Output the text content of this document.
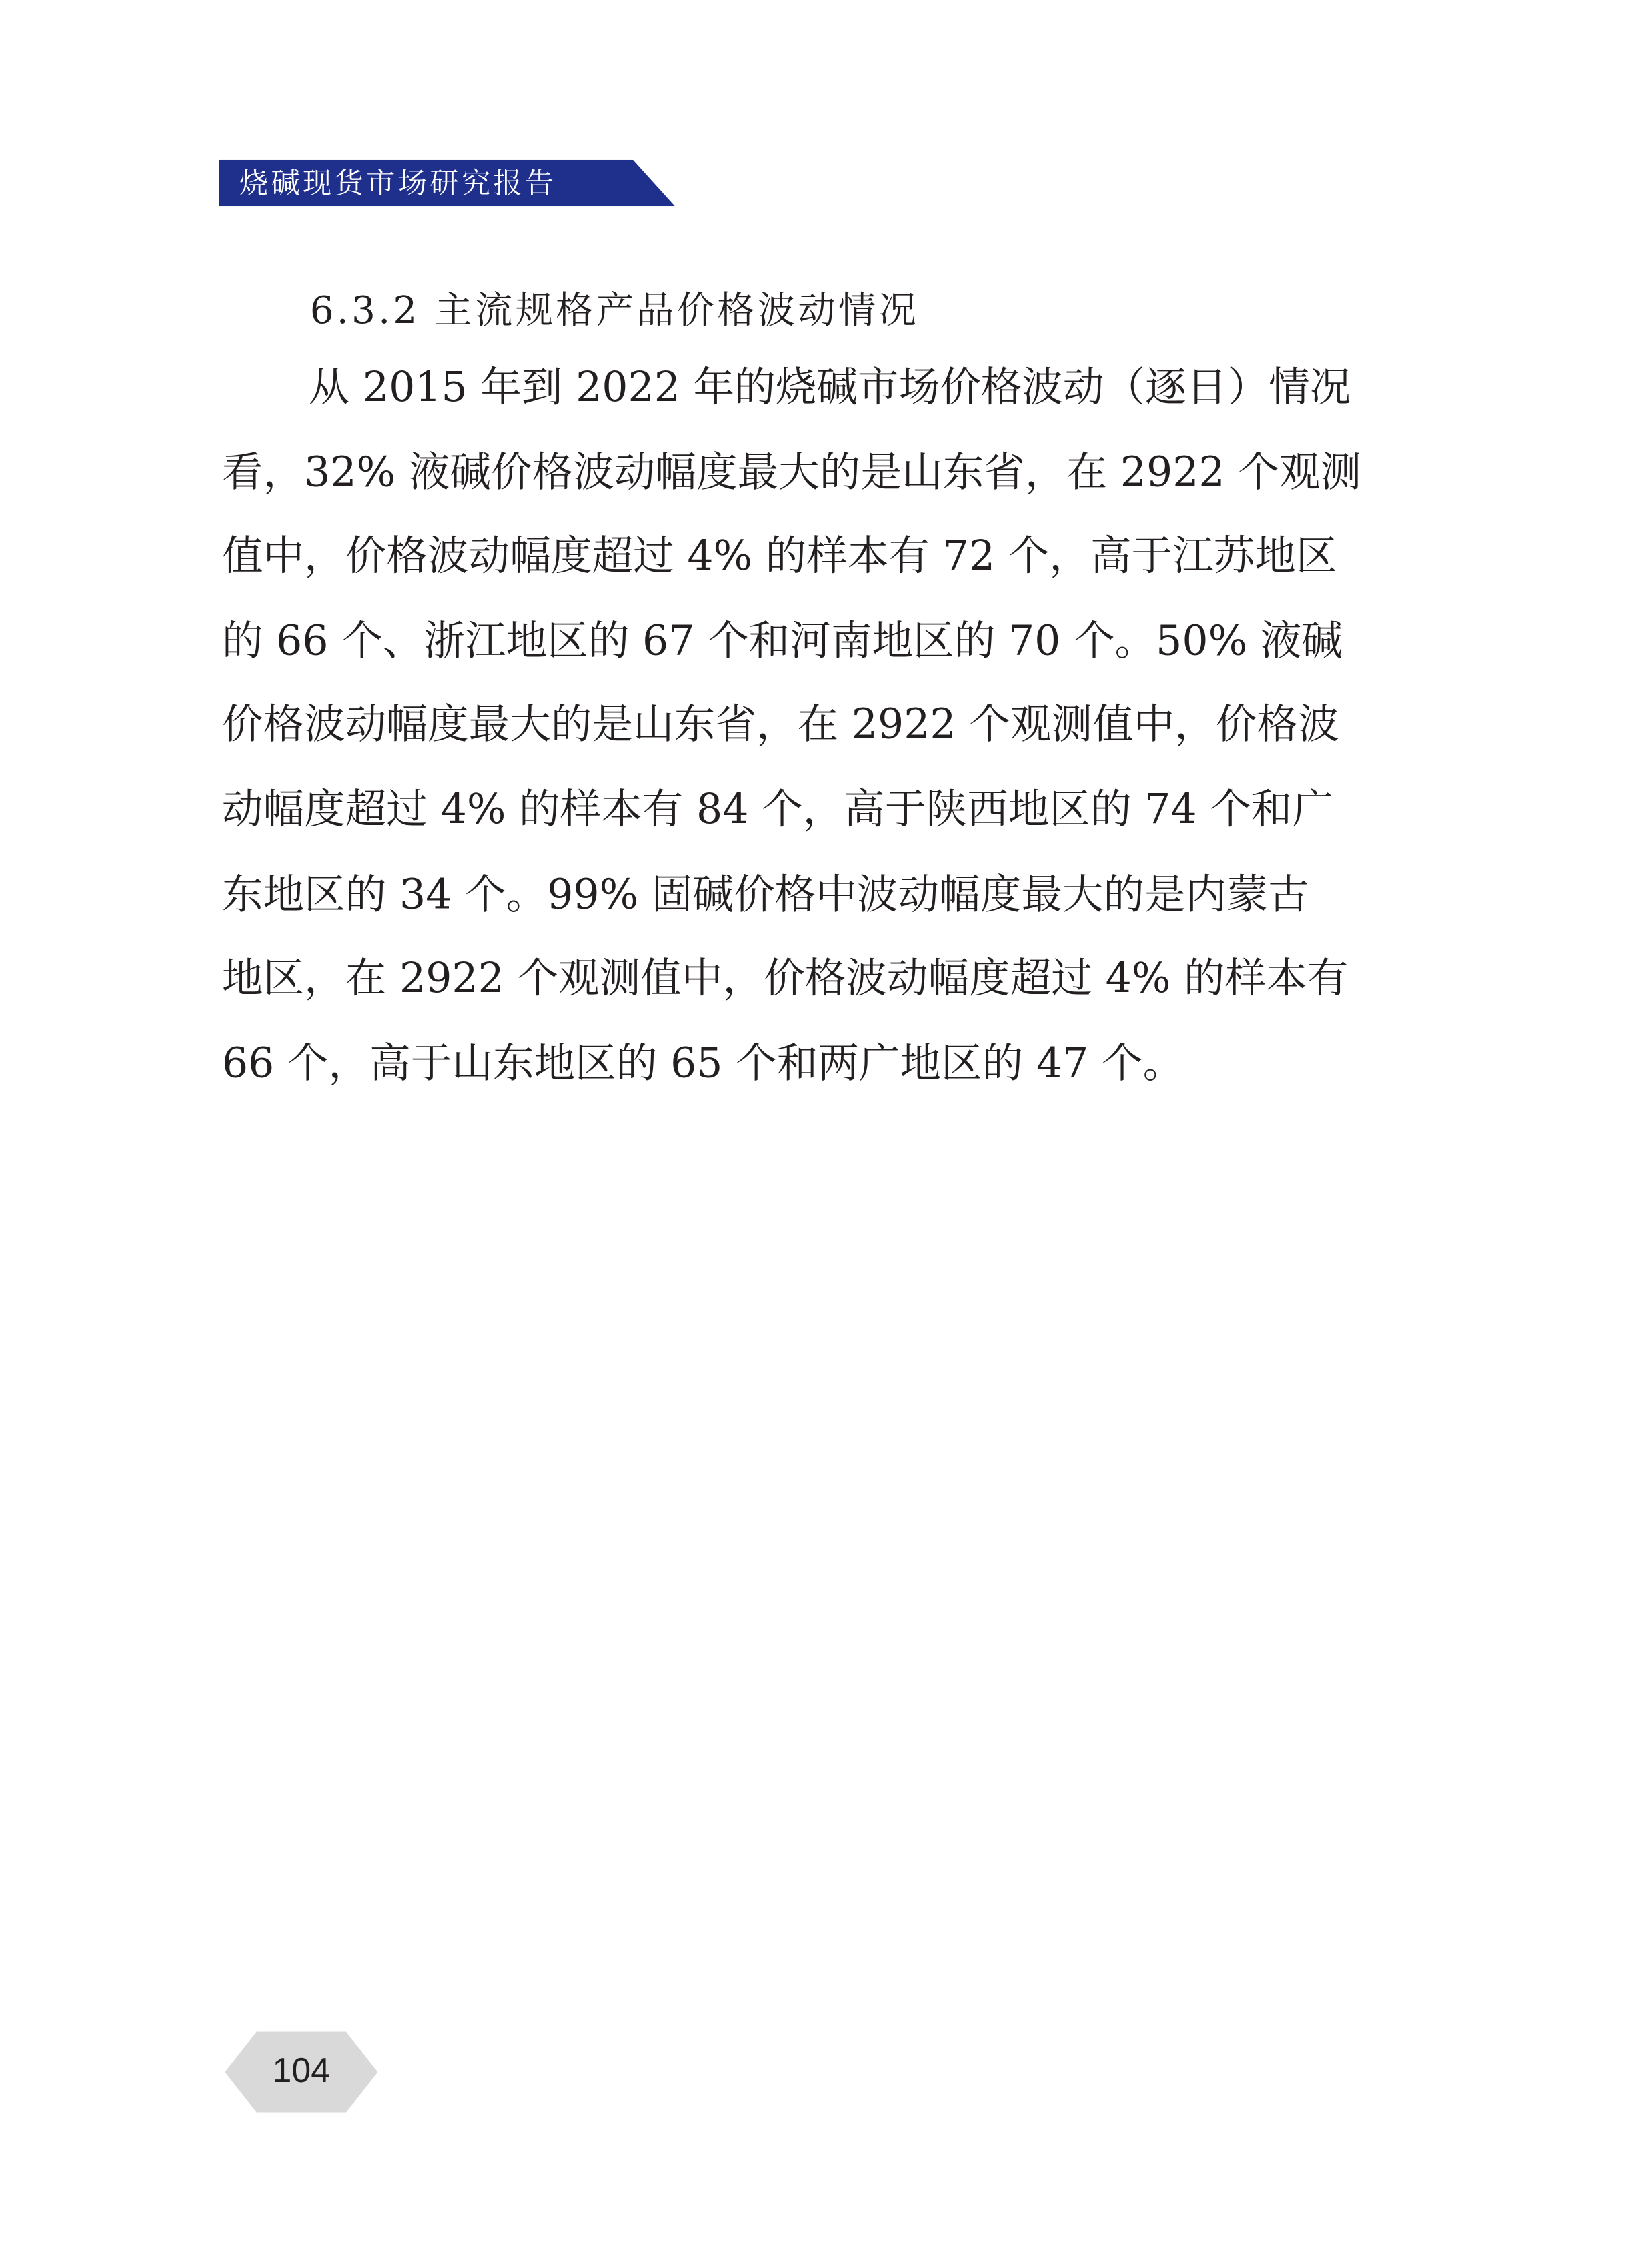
烧碱现货市场研究报告
6.3.2 主流规格产品价格波动情况
从 2015 年到 2022 年的烧碱市场价格波动（逐日）情况
看，32% 液碱价格波动幅度最大的是山东省，在 2922 个观测
值中，价格波动幅度超过 4% 的样本有 72 个，高于江苏地区
的 66 个、浙江地区的 67 个和河南地区的 70 个。50% 液碱
价格波动幅度最大的是山东省，在 2922 个观测值中，价格波
动幅度超过 4% 的样本有 84 个，高于陕西地区的 74 个和广
东地区的 34 个。99% 固碱价格中波动幅度最大的是内蒙古
地区，在 2922 个观测值中，价格波动幅度超过 4% 的样本有
66 个，高于山东地区的 65 个和两广地区的 47 个。
104
